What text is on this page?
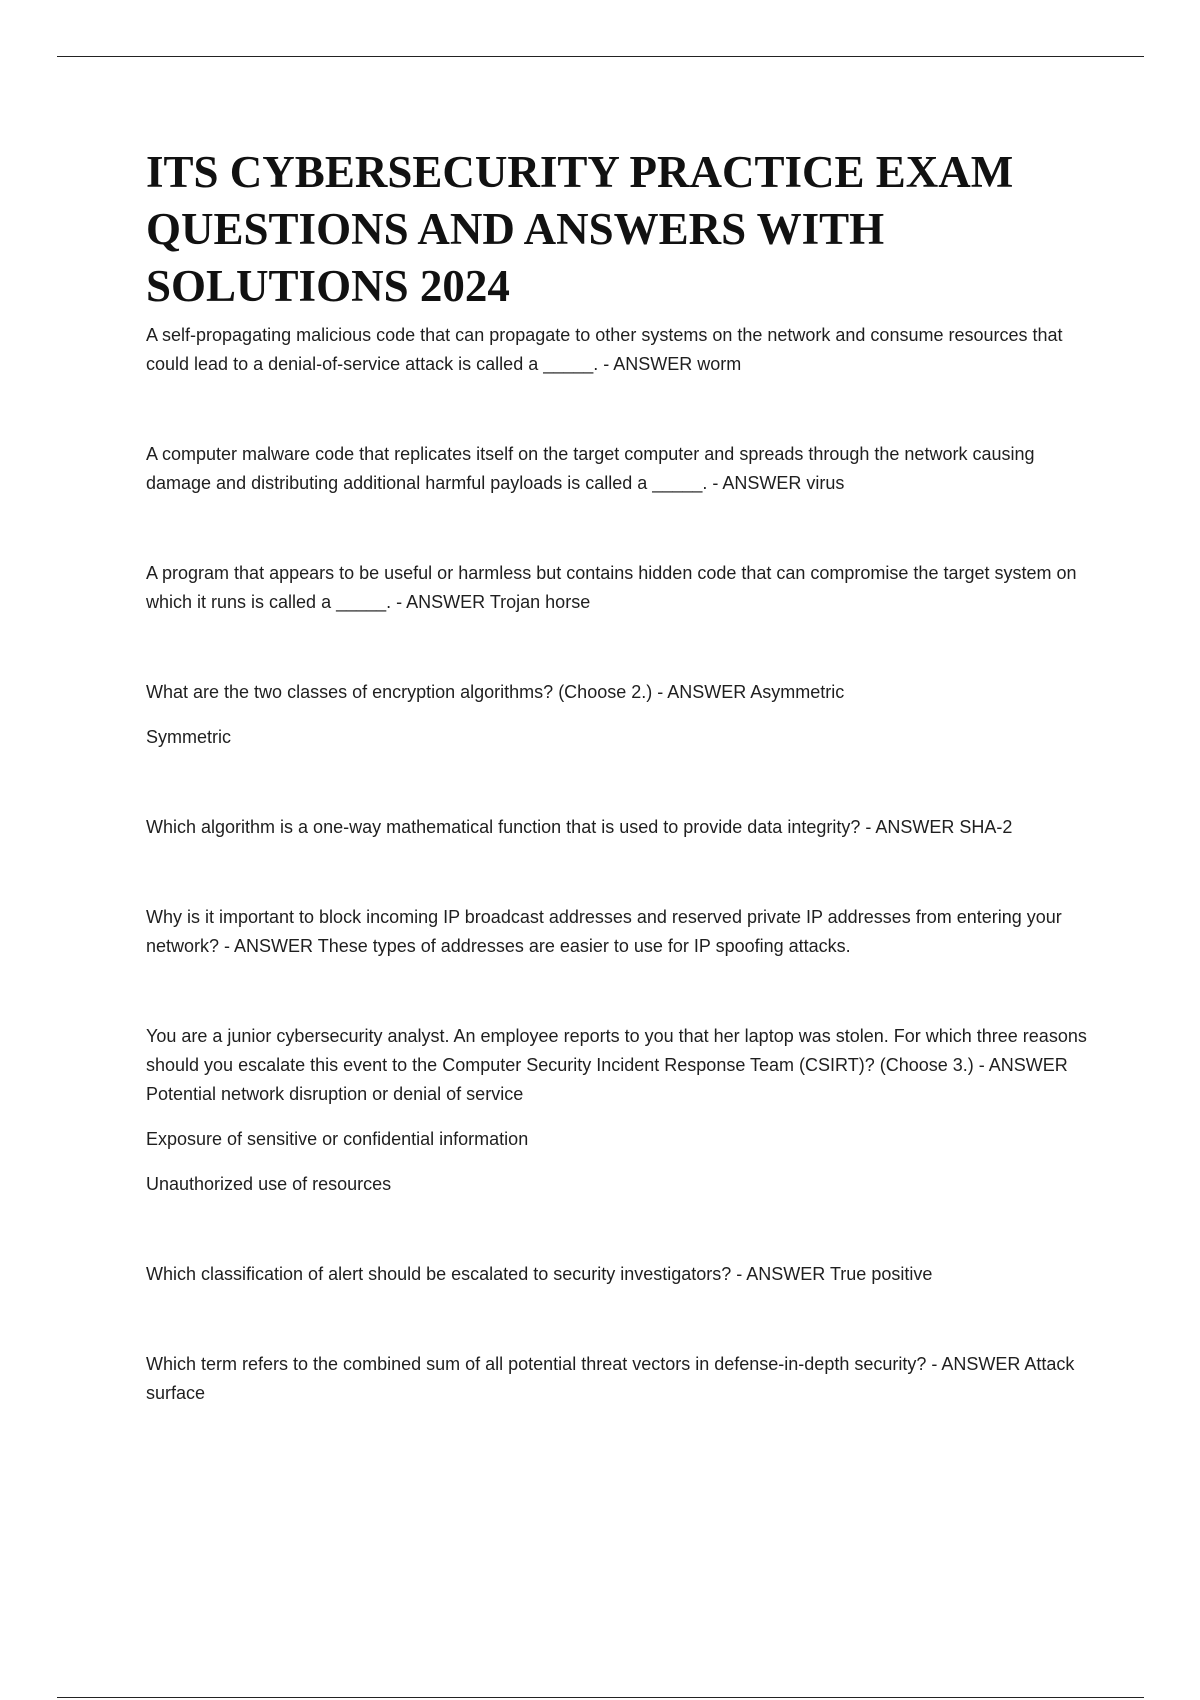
ITS CYBERSECURITY PRACTICE EXAM QUESTIONS AND ANSWERS WITH SOLUTIONS 2024

A self-propagating malicious code that can propagate to other systems on the network and consume resources that could lead to a denial-of-service attack is called a _____. - ANSWER worm

A computer malware code that replicates itself on the target computer and spreads through the network causing damage and distributing additional harmful payloads is called a _____. - ANSWER virus

A program that appears to be useful or harmless but contains hidden code that can compromise the target system on which it runs is called a _____. - ANSWER Trojan horse

What are the two classes of encryption algorithms? (Choose 2.) - ANSWER Asymmetric

Symmetric

Which algorithm is a one-way mathematical function that is used to provide data integrity? - ANSWER SHA-2

Why is it important to block incoming IP broadcast addresses and reserved private IP addresses from entering your network? - ANSWER These types of addresses are easier to use for IP spoofing attacks.

You are a junior cybersecurity analyst. An employee reports to you that her laptop was stolen. For which three reasons should you escalate this event to the Computer Security Incident Response Team (CSIRT)? (Choose 3.) - ANSWER Potential network disruption or denial of service

Exposure of sensitive or confidential information

Unauthorized use of resources

Which classification of alert should be escalated to security investigators? - ANSWER True positive

Which term refers to the combined sum of all potential threat vectors in defense-in-depth security? - ANSWER Attack surface
